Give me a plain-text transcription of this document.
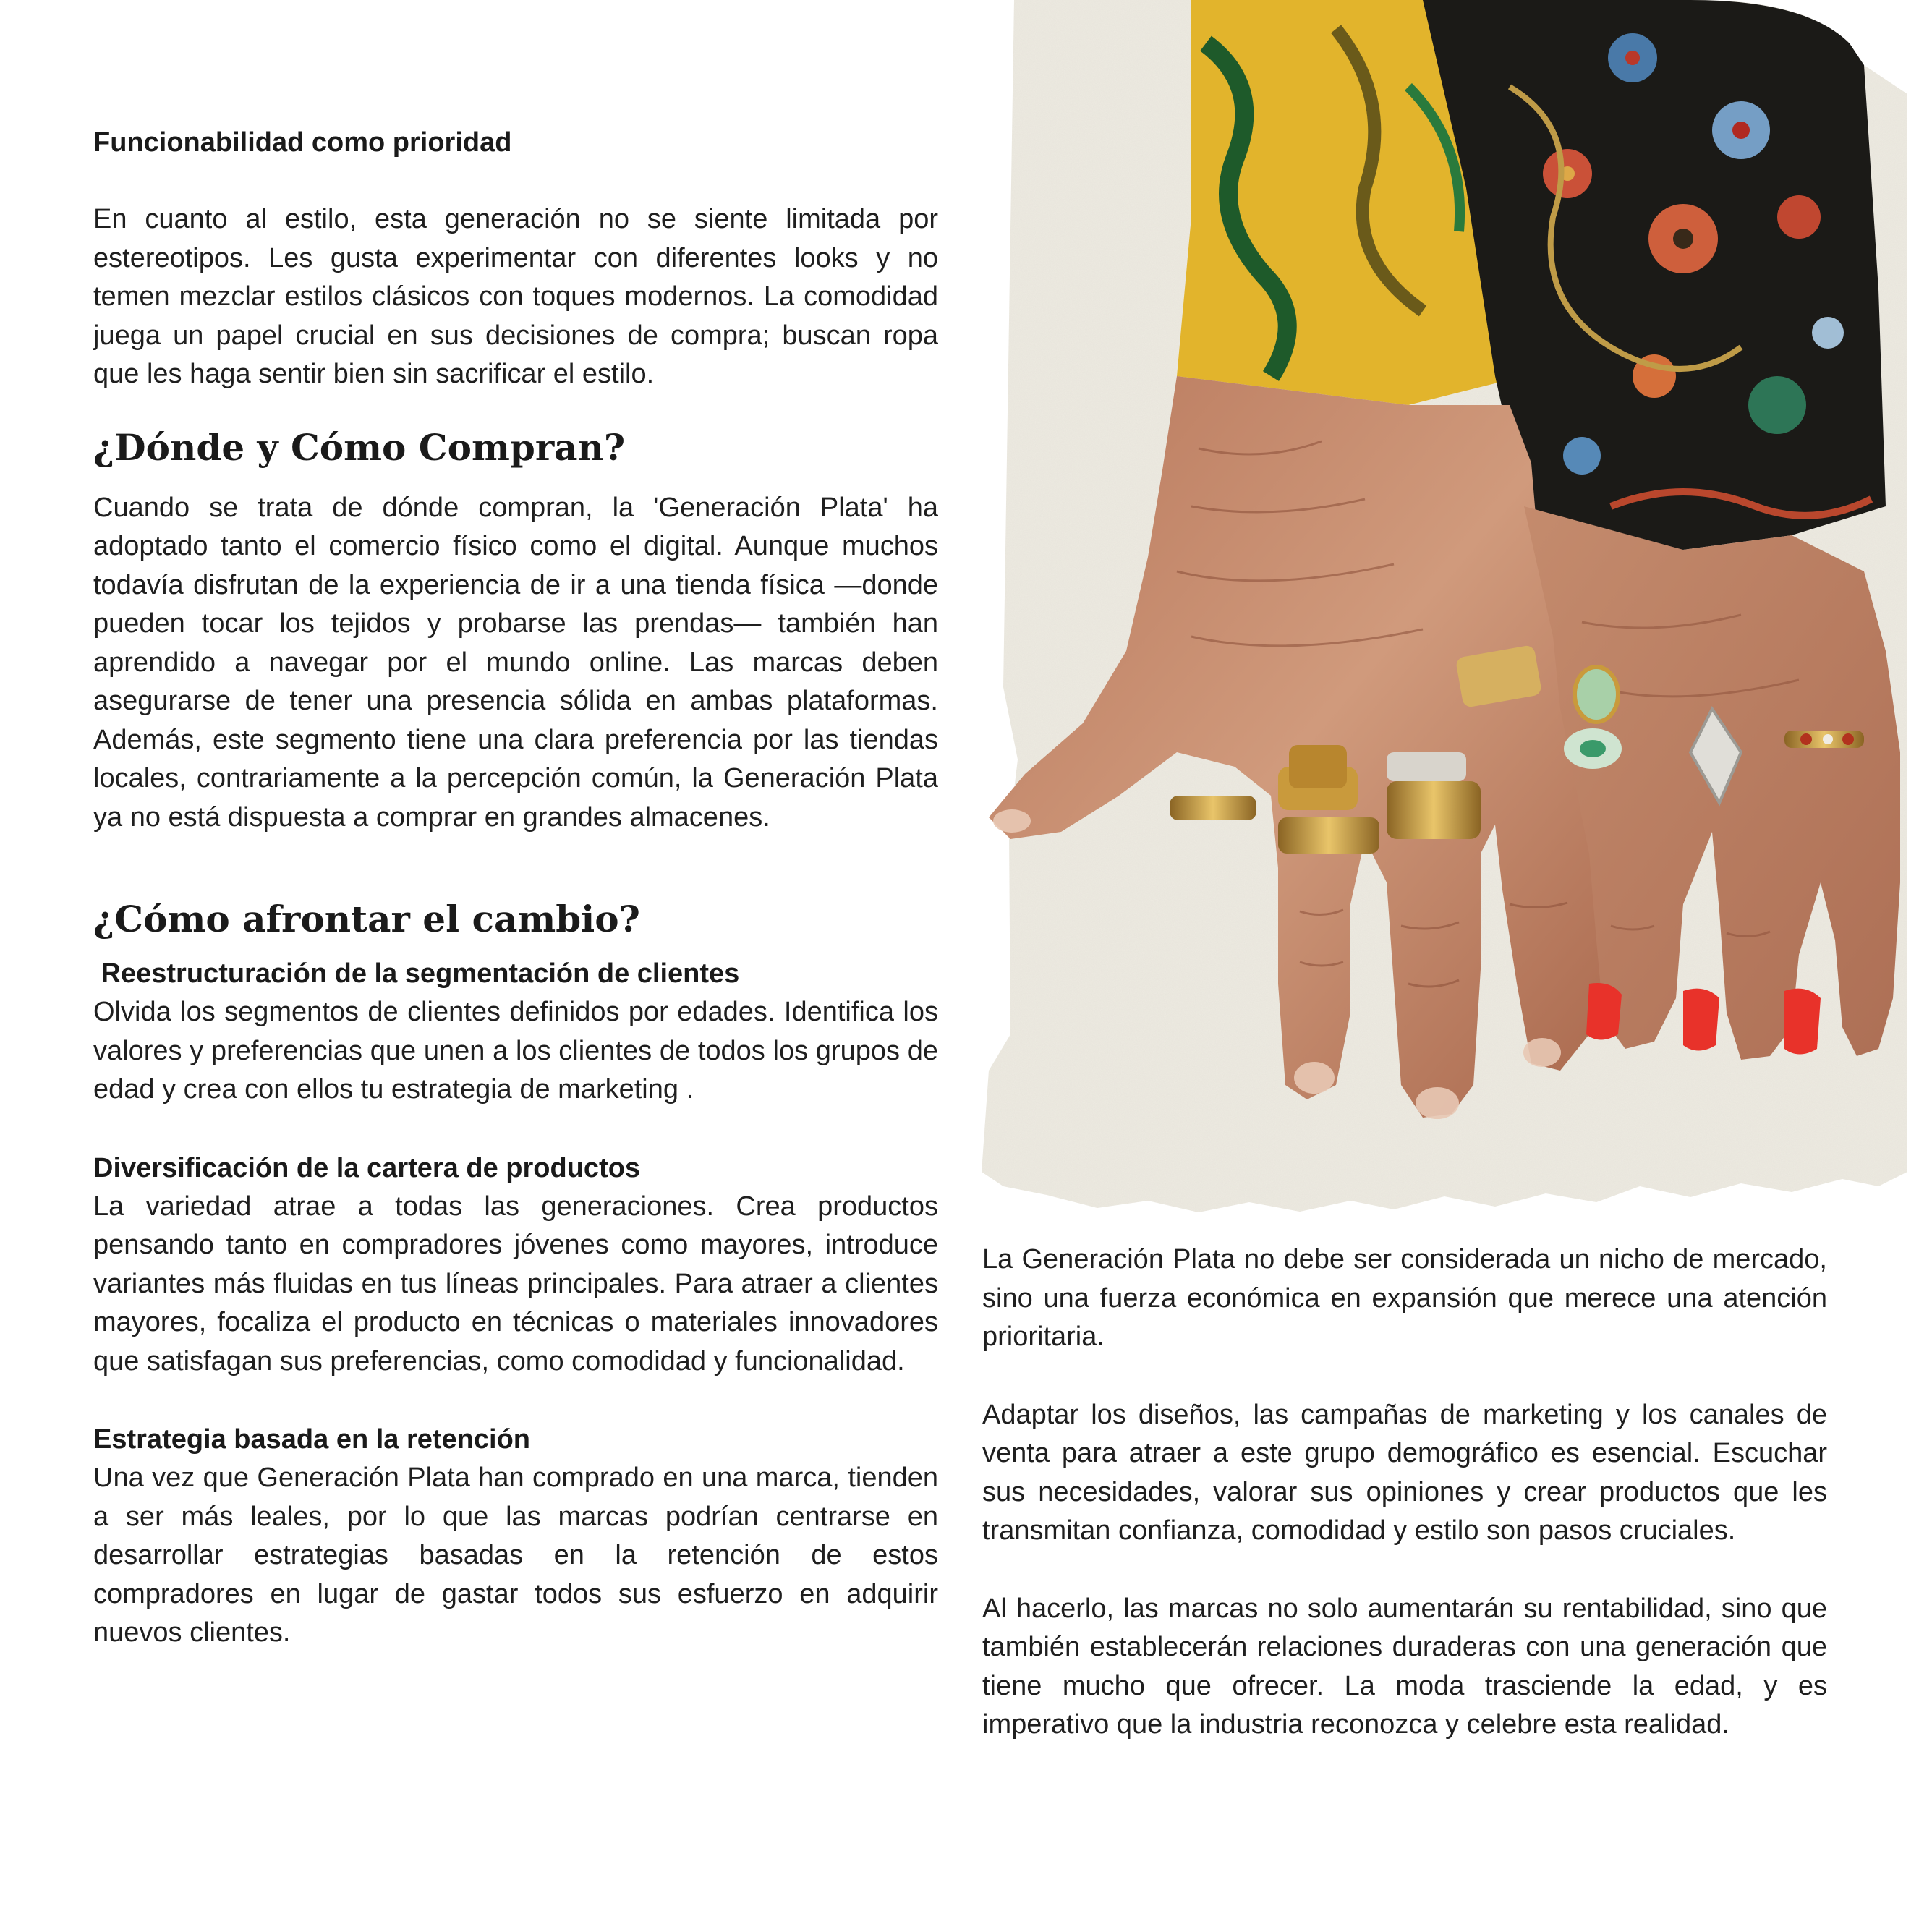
Funcionabilidad como prioridad
En cuanto al estilo, esta generación no se siente limitada por estereotipos. Les gusta experimentar con diferentes looks y no temen mezclar estilos clásicos con toques modernos. La comodidad juega un papel crucial en sus decisiones de compra; buscan ropa que les haga sentir bien sin sacrificar el estilo.
¿Dónde y Cómo Compran?
Cuando se trata de dónde compran, la 'Generación Plata' ha adoptado tanto el comercio físico como el digital. Aunque muchos todavía disfrutan de la experiencia de ir a una tienda física —donde pueden tocar los tejidos y probarse las prendas— también han aprendido a navegar por el mundo online. Las marcas deben asegurarse de tener una presencia sólida en ambas plataformas. Además, este segmento tiene una clara preferencia por las tiendas locales, contrariamente a la percepción común, la Generación Plata ya no está dispuesta a comprar en grandes almacenes.
¿Cómo afrontar el cambio?
Reestructuración de la segmentación de clientes
Olvida los segmentos de clientes definidos por edades. Identifica los valores y preferencias que unen a los clientes de todos los grupos de edad y crea con ellos tu estrategia de marketing .
Diversificación de la cartera de productos
La variedad atrae a todas las generaciones. Crea productos pensando tanto en compradores jóvenes como mayores, introduce variantes más fluidas en tus líneas principales. Para atraer a clientes mayores, focaliza el producto en técnicas o materiales innovadores que satisfagan sus preferencias, como comodidad y funcionalidad.
Estrategia basada en la retención
Una vez que Generación Plata han comprado en una marca, tienden a ser más leales, por lo que las marcas podrían centrarse en desarrollar estrategias basadas en la retención de estos compradores en lugar de gastar todos sus esfuerzo en adquirir nuevos clientes.
La Generación Plata no debe ser considerada un nicho de mercado, sino una fuerza económica en expansión que merece una atención prioritaria.
Adaptar los diseños, las campañas de marketing y los canales de venta para atraer a este grupo demográfico es esencial. Escuchar sus necesidades, valorar sus opiniones y crear productos que les transmitan confianza, comodidad y estilo son pasos cruciales.
Al hacerlo, las marcas no solo aumentarán su rentabilidad, sino que también establecerán relaciones duraderas con una generación que tiene mucho que ofrecer. La moda trasciende la edad, y es imperativo que la industria reconozca y celebre esta realidad.
